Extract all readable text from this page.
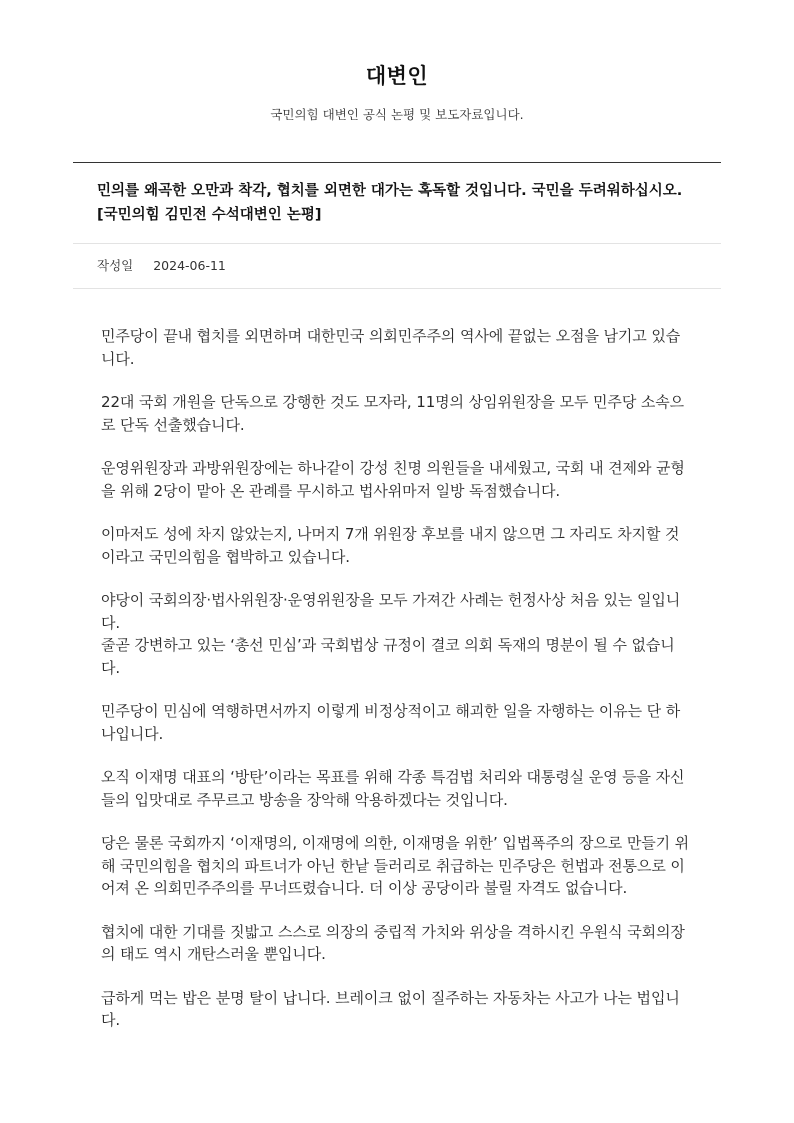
대변인

국민의힘 대변인 공식 논평 및 보도자료입니다.

민의를 왜곡한 오만과 착각, 협치를 외면한 대가는 혹독할 것입니다. 국민을 두려워하십시오. [국민의힘 김민전 수석대변인 논평]
작성일 2024-06-11

민주당이 끝내 협치를 외면하며 대한민국 의회민주주의 역사에 끝없는 오점을 남기고 있습니다.

22대 국회 개원을 단독으로 강행한 것도 모자라, 11명의 상임위원장을 모두 민주당 소속으로 단독 선출했습니다.

운영위원장과 과방위원장에는 하나같이 강성 친명 의원들을 내세웠고, 국회 내 견제와 균형을 위해 2당이 맡아 온 관례를 무시하고 법사위마저 일방 독점했습니다.

이마저도 성에 차지 않았는지, 나머지 7개 위원장 후보를 내지 않으면 그 자리도 차지할 것이라고 국민의힘을 협박하고 있습니다.

야당이 국회의장·법사위원장·운영위원장을 모두 가져간 사례는 헌정사상 처음 있는 일입니다.
줄곧 강변하고 있는 ‘총선 민심’과 국회법상 규정이 결코 의회 독재의 명분이 될 수 없습니다.

민주당이 민심에 역행하면서까지 이렇게 비정상적이고 해괴한 일을 자행하는 이유는 단 하나입니다.

오직 이재명 대표의 ‘방탄’이라는 목표를 위해 각종 특검법 처리와 대통령실 운영 등을 자신들의 입맛대로 주무르고 방송을 장악해 악용하겠다는 것입니다.

당은 물론 국회까지 ‘이재명의, 이재명에 의한, 이재명을 위한’ 입법폭주의 장으로 만들기 위해 국민의힘을 협치의 파트너가 아닌 한낱 들러리로 취급하는 민주당은 헌법과 전통으로 이어져 온 의회민주주의를 무너뜨렸습니다. 더 이상 공당이라 불릴 자격도 없습니다.

협치에 대한 기대를 짓밟고 스스로 의장의 중립적 가치와 위상을 격하시킨 우원식 국회의장의 태도 역시 개탄스러울 뿐입니다.

급하게 먹는 밥은 분명 탈이 납니다. 브레이크 없이 질주하는 자동차는 사고가 나는 법입니다.
